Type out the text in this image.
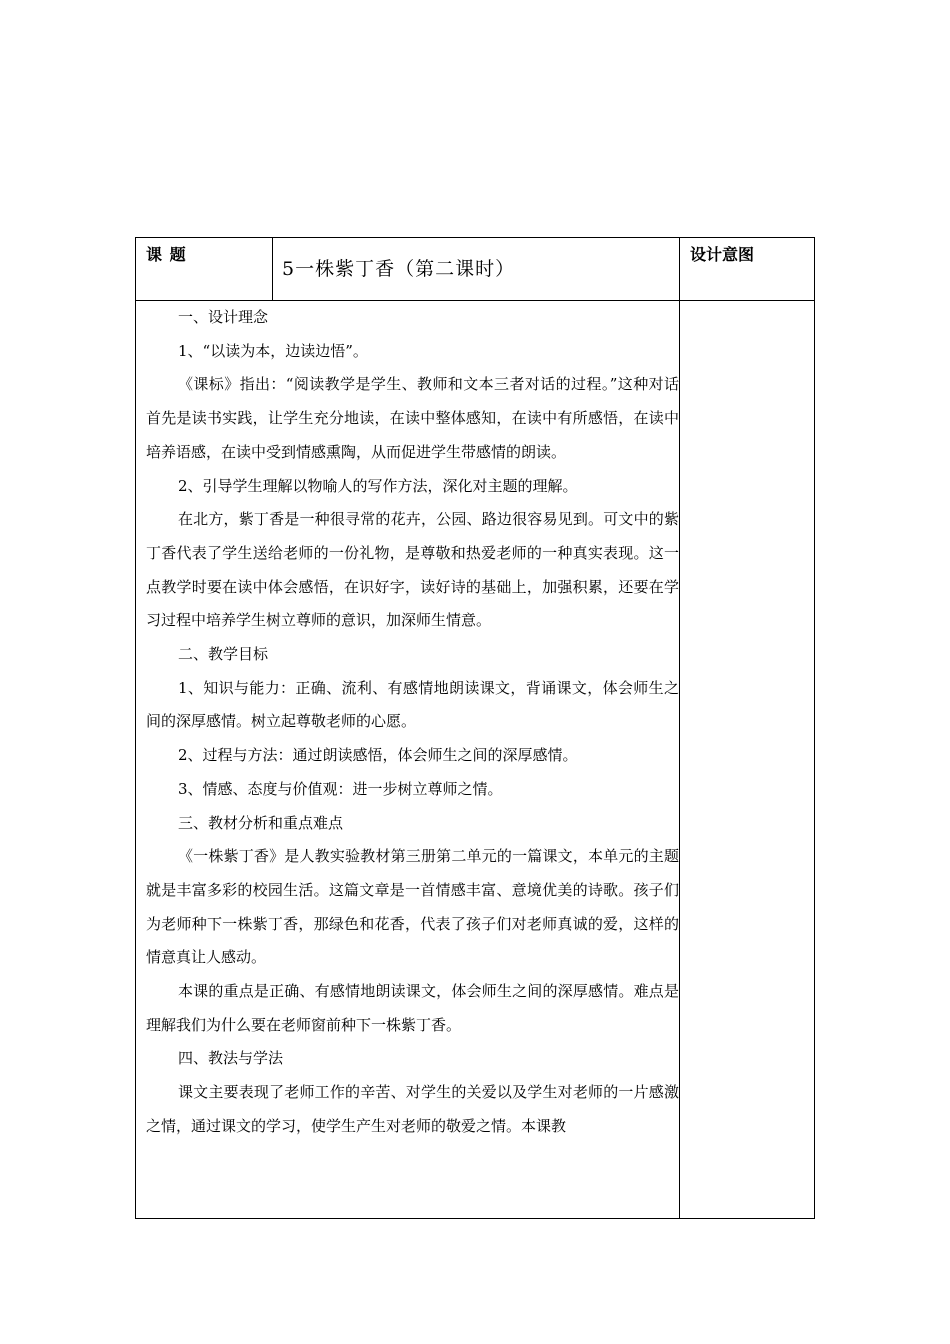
课 题
5一株紫丁香（第二课时）
设计意图

一、设计理念

1、“以读为本，边读边悟”。

《课标》指出：“阅读教学是学生、教师和文本三者对话的过程。”这种对话首先是读书实践，让学生充分地读，在读中整体感知，在读中有所感悟，在读中培养语感，在读中受到情感熏陶，从而促进学生带感情的朗读。

2、引导学生理解以物喻人的写作方法，深化对主题的理解。

在北方，紫丁香是一种很寻常的花卉，公园、路边很容易见到。可文中的紫丁香代表了学生送给老师的一份礼物，是尊敬和热爱老师的一种真实表现。这一点教学时要在读中体会感悟，在识好字，读好诗的基础上，加强积累，还要在学习过程中培养学生树立尊师的意识，加深师生情意。

二、教学目标

1、知识与能力：正确、流利、有感情地朗读课文，背诵课文，体会师生之间的深厚感情。树立起尊敬老师的心愿。

2、过程与方法：通过朗读感悟，体会师生之间的深厚感情。

3、情感、态度与价值观：进一步树立尊师之情。

三、教材分析和重点难点

《一株紫丁香》是人教实验教材第三册第二单元的一篇课文，本单元的主题就是丰富多彩的校园生活。这篇文章是一首情感丰富、意境优美的诗歌。孩子们为老师种下一株紫丁香，那绿色和花香，代表了孩子们对老师真诚的爱，这样的情意真让人感动。

本课的重点是正确、有感情地朗读课文，体会师生之间的深厚感情。难点是理解我们为什么要在老师窗前种下一株紫丁香。

四、教法与学法

课文主要表现了老师工作的辛苦、对学生的关爱以及学生对老师的一片感激之情，通过课文的学习，使学生产生对老师的敬爱之情。本课教
